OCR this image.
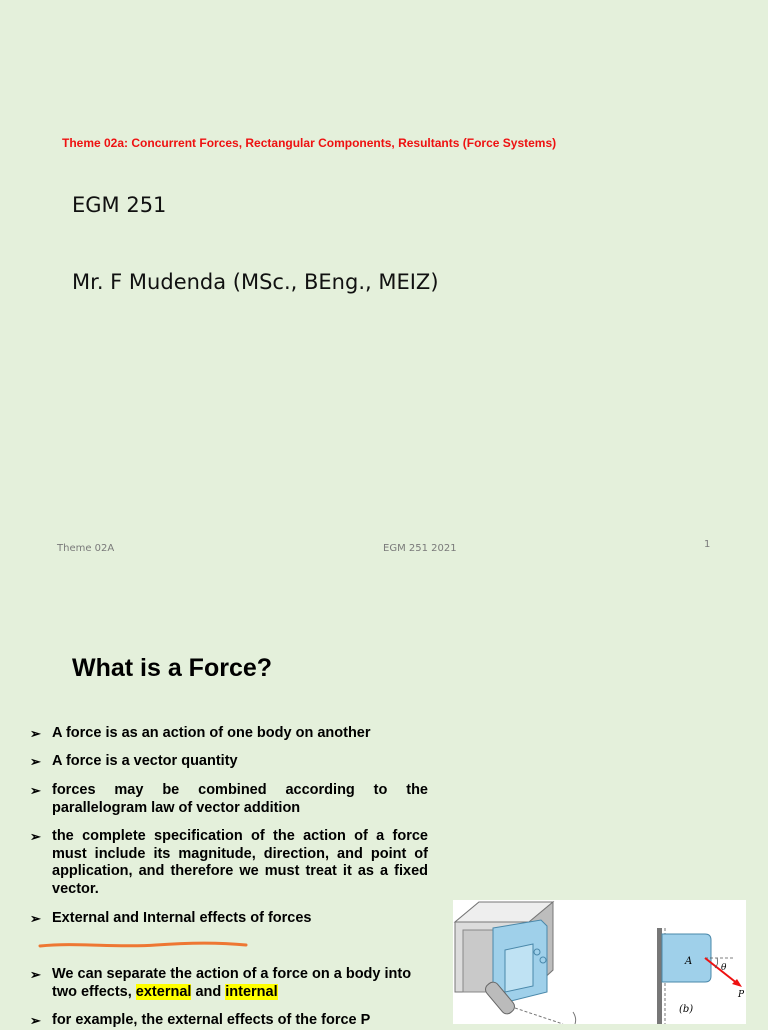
Theme 02a: Concurrent Forces, Rectangular Components, Resultants (Force Systems)
EGM 251
Mr. F Mudenda (MSc., BEng., MEIZ)
Theme 02A	EGM 251 2021	1
What is a Force?
➢ A force is as an action of one body on another
➢ A force is a vector quantity
➢ forces may be combined according to the parallelogram law of vector addition
➢ the complete specification of the action of a force must include its magnitude, direction, and point of application, and therefore we must treat it as a fixed vector.
➢ External and Internal effects of forces
➢ We can separate the action of a force on a body into two effects, external and internal
➢ for example, the external effects of the force P
A
θ
P
(b)
